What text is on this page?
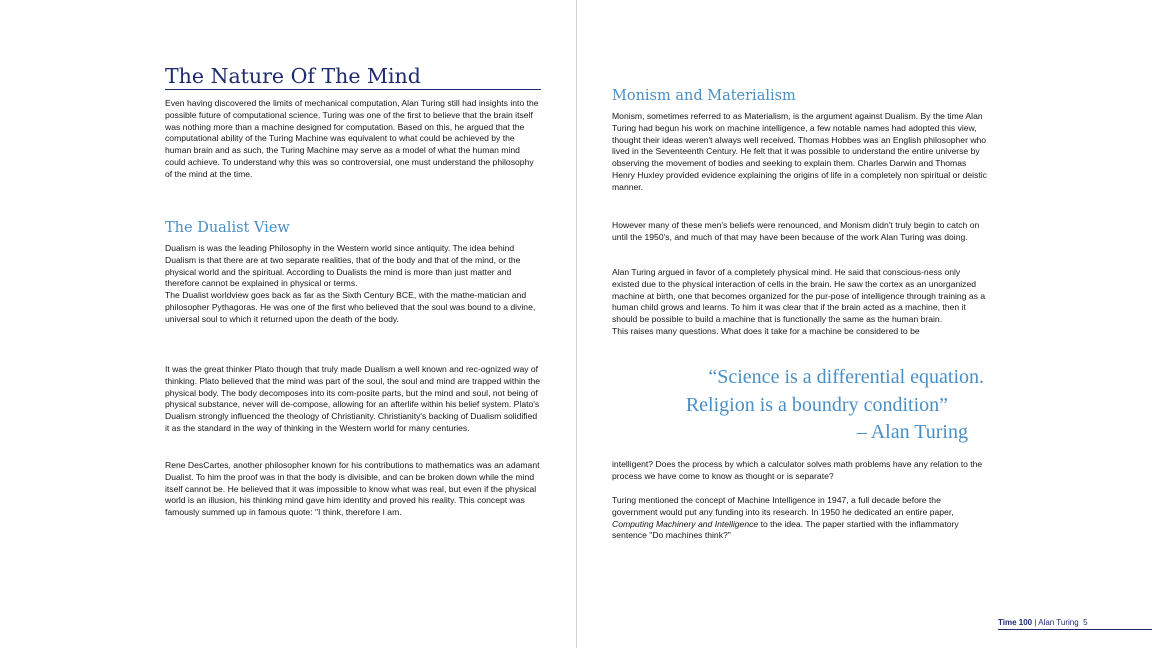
The Nature Of The Mind

Even having discovered the limits of mechanical computation, Alan Turing still had insights into the possible future of computational science. Turing was one of the first to believe that the brain itself was nothing more than a machine designed for computation. Based on this, he argued that the computational ability of the Turing Machine was equivalent to what could be achieved by the human brain and as such, the Turing Machine may serve as a model of what the human mind could achieve. To understand why this was so controversial, one must understand the philosophy of the mind at the time.

The Dualist View

Dualism is was the leading Philosophy in the Western world since antiquity. The idea behind Dualism is that there are at two separate realities, that of the body and that of the mind, or the physical world and the spiritual. According to Dualists the mind is more than just matter and therefore cannot be explained in physical or terms.

The Dualist worldview goes back as far as the Sixth Century BCE, with the mathe-matician and philosopher Pythagoras. He was one of the first who believed that the soul was bound to a divine, universal soul to which it returned upon the death of the body.

It was the great thinker Plato though that truly made Dualism a well known and rec-ognized way of thinking. Plato believed that the mind was part of the soul, the soul and mind are trapped within the physical body. The body decomposes into its com-posite parts, but the mind and soul, not being of physical substance, never will de-compose, allowing for an afterlife within his belief system. Plato's Dualism strongly influenced the theology of Christianity. Christianity's backing of Dualism solidified it as the standard in the way of thinking in the Western world for many centuries.

Rene DesCartes, another philosopher known for his contributions to mathematics was an adamant Dualist. To him the proof was in that the body is divisible, and can be broken down while the mind itself cannot be. He believed that it was impossible to know what was real, but even if the physical world is an illusion, his thinking mind gave him identity and proved his reality. This concept was famously summed up in famous quote: "I think, therefore I am.

Monism and Materialism

Monism, sometimes referred to as Materialism, is the argument against Dualism. By the time Alan Turing had begun his work on machine intelligence, a few notable names had adopted this view, thought their ideas weren't always well received. Thomas Hobbes was an English philosopher who lived in the Seventeenth Century. He felt that it was possible to understand the entire universe by observing the movement of bodies and seeking to explain them. Charles Darwin and Thomas Henry Huxley provided evidence explaining the origins of life in a completely non spiritual or deistic manner.

However many of these men's beliefs were renounced, and Monism didn't truly begin to catch on until the 1950's, and much of that may have been because of the work Alan Turing was doing.

Alan Turing argued in favor of a completely physical mind. He said that conscious-ness only existed due to the physical interaction of cells in the brain. He saw the cortex as an unorganized machine at birth, one that becomes organized for the pur-pose of intelligence through training as a human child grows and learns. To him it was clear that if the brain acted as a machine, then it should be possible to build a machine that is functionally the same as the human brain.

This raises many questions. What does it take for a machine be considered to be

“Science is a differential equation.
Religion is a boundry condition”
– Alan Turing

intelligent? Does the process by which a calculator solves math problems have any relation to the process we have come to know as thought or is separate?

Turing mentioned the concept of Machine Intelligence in 1947, a full decade before the government would put any funding into its research. In 1950 he dedicated an entire paper, Computing Machinery and Intelligence to the idea. The paper startied with the inflammatory sentence "Do machines think?"

Time 100 | Alan Turing 5
